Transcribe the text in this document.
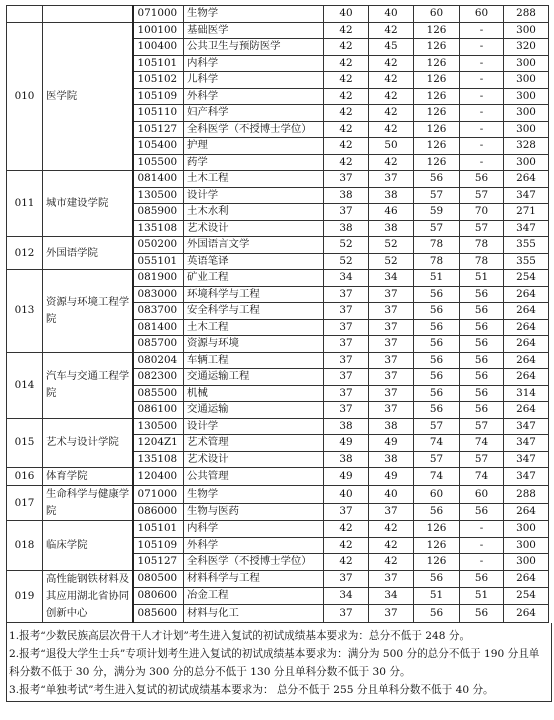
		071000	生物学	40	40	60	60	288
010	医学院	100100	基础医学	42	42	126	-	300
		100400	公共卫生与预防医学	42	45	126	-	320
		105101	内科学	42	42	126	-	300
		105102	儿科学	42	42	126	-	300
		105109	外科学	42	42	126	-	300
		105110	妇产科学	42	42	126	-	300
		105127	全科医学（不授博士学位）	42	42	126	-	300
		105400	护理	42	50	126	-	328
		105500	药学	42	42	126	-	300
011	城市建设学院	081400	土木工程	37	37	56	56	264
		130500	设计学	38	38	57	57	347
		085900	土木水利	37	46	59	70	271
		135108	艺术设计	38	38	57	57	347
012	外国语学院	050200	外国语言文学	52	52	78	78	355
		055101	英语笔译	52	52	78	78	355
013	资源与环境工程学院	081900	矿业工程	34	34	51	51	254
		083000	环境科学与工程	37	37	56	56	264
		083700	安全科学与工程	37	37	56	56	264
		081400	土木工程	37	37	56	56	264
		085700	资源与环境	37	37	56	56	264
014	汽车与交通工程学院	080204	车辆工程	37	37	56	56	264
		082300	交通运输工程	37	37	56	56	264
		085500	机械	37	37	56	56	314
		086100	交通运输	37	37	56	56	264
015	艺术与设计学院	130500	设计学	38	38	57	57	347
		1204Z1	艺术管理	49	49	74	74	347
		135108	艺术设计	38	38	57	57	347
016	体育学院	120400	公共管理	49	49	74	74	347
017	生命科学与健康学院	071000	生物学	40	40	60	60	288
		086000	生物与医药	37	37	56	56	264
018	临床学院	105101	内科学	42	42	126	-	300
		105109	外科学	42	42	126	-	300
		105127	全科医学（不授博士学位）	42	42	126	-	300
019	高性能钢铁材料及其应用湖北省协同创新中心	080500	材料科学与工程	37	37	56	56	264
		080600	冶金工程	34	34	51	51	254
		085600	材料与化工	37	37	56	56	264

1.报考“少数民族高层次骨干人才计划”考生进入复试的初试成绩基本要求为：总分不低于 248 分。

2.报考“退役大学生士兵”专项计划考生进入复试的初试成绩基本要求为：满分为 500 分的总分不低于 190 分且单科分数不低于 30 分，满分为 300 分的总分不低于 130 分且单科分数不低于 30 分。

3.报考“单独考试”考生进入复试的初试成绩基本要求为： 总分不低于 255 分且单科分数不低于 40 分。
